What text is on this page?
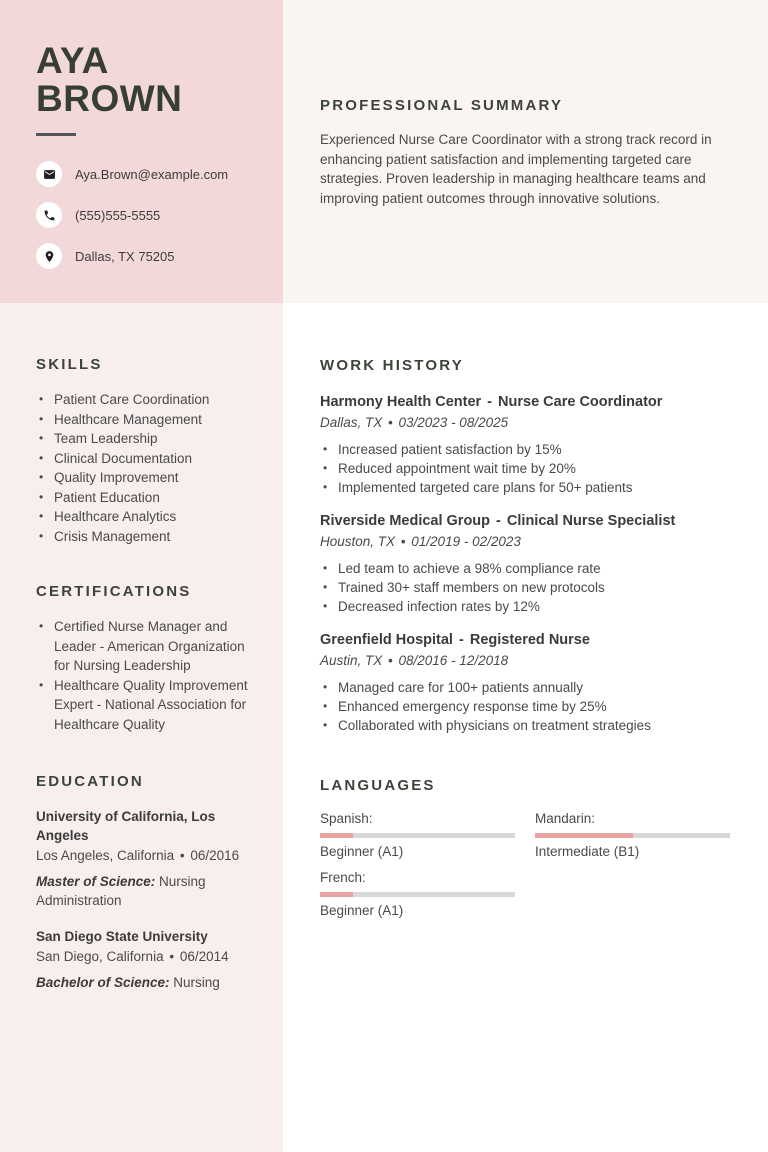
AYA
BROWN
Aya.Brown@example.com
(555)555-5555
Dallas, TX 75205
SKILLS
• Patient Care Coordination
• Healthcare Management
• Team Leadership
• Clinical Documentation
• Quality Improvement
• Patient Education
• Healthcare Analytics
• Crisis Management
CERTIFICATIONS
• Certified Nurse Manager and Leader - American Organization for Nursing Leadership
• Healthcare Quality Improvement Expert - National Association for Healthcare Quality
EDUCATION
University of California, Los Angeles
Los Angeles, California • 06/2016
Master of Science: Nursing Administration
San Diego State University
San Diego, California • 06/2014
Bachelor of Science: Nursing
PROFESSIONAL SUMMARY

Experienced Nurse Care Coordinator with a strong track record in enhancing patient satisfaction and implementing targeted care strategies. Proven leadership in managing healthcare teams and improving patient outcomes through innovative solutions.

WORK HISTORY
Harmony Health Center - Nurse Care Coordinator
Dallas, TX • 03/2023 - 08/2025
• Increased patient satisfaction by 15%
• Reduced appointment wait time by 20%
• Implemented targeted care plans for 50+ patients
Riverside Medical Group - Clinical Nurse Specialist
Houston, TX • 01/2019 - 02/2023
• Led team to achieve a 98% compliance rate
• Trained 30+ staff members on new protocols
• Decreased infection rates by 12%
Greenfield Hospital - Registered Nurse
Austin, TX • 08/2016 - 12/2018
• Managed care for 100+ patients annually
• Enhanced emergency response time by 25%
• Collaborated with physicians on treatment strategies
LANGUAGES
Spanish:
Beginner (A1)
Mandarin:
Intermediate (B1)
French:
Beginner (A1)
